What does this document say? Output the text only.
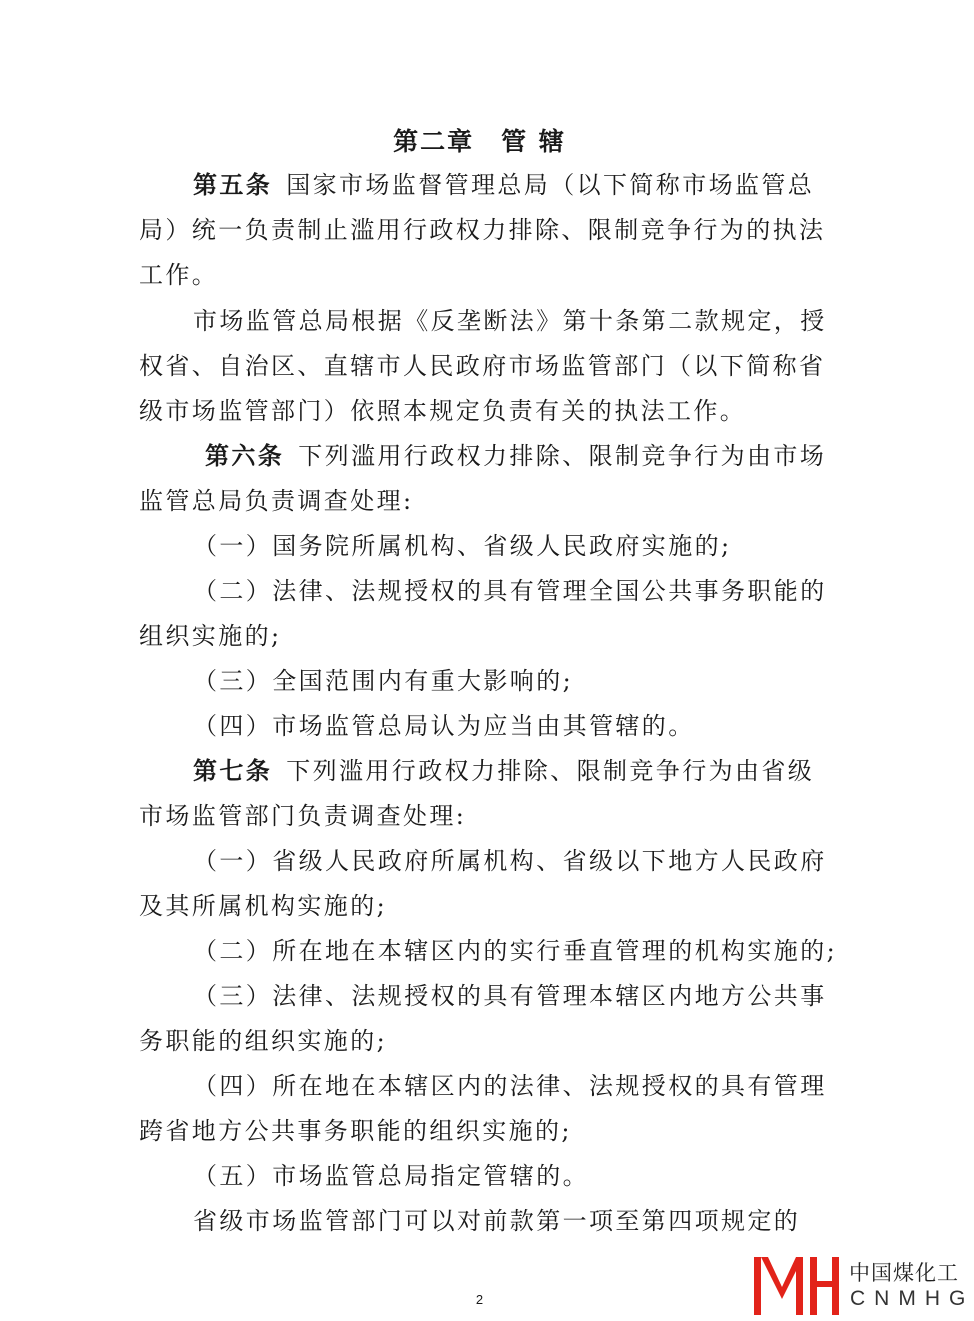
第二章　管 辖
第五条 国家市场监督管理总局（以下简称市场监管总
局）统一负责制止滥用行政权力排除、限制竞争行为的执法
工作。
市场监管总局根据《反垄断法》第十条第二款规定，授
权省、自治区、直辖市人民政府市场监管部门（以下简称省
级市场监管部门）依照本规定负责有关的执法工作。
第六条 下列滥用行政权力排除、限制竞争行为由市场
监管总局负责调查处理:
（一）国务院所属机构、省级人民政府实施的;
（二）法律、法规授权的具有管理全国公共事务职能的
组织实施的;
（三）全国范围内有重大影响的;
（四）市场监管总局认为应当由其管辖的。
第七条 下列滥用行政权力排除、限制竞争行为由省级
市场监管部门负责调查处理:
（一）省级人民政府所属机构、省级以下地方人民政府
及其所属机构实施的;
（二）所在地在本辖区内的实行垂直管理的机构实施的;
（三）法律、法规授权的具有管理本辖区内地方公共事
务职能的组织实施的;
（四）所在地在本辖区内的法律、法规授权的具有管理
跨省地方公共事务职能的组织实施的;
（五）市场监管总局指定管辖的。
省级市场监管部门可以对前款第一项至第四项规定的
2
中国煤化工
CNMHG
